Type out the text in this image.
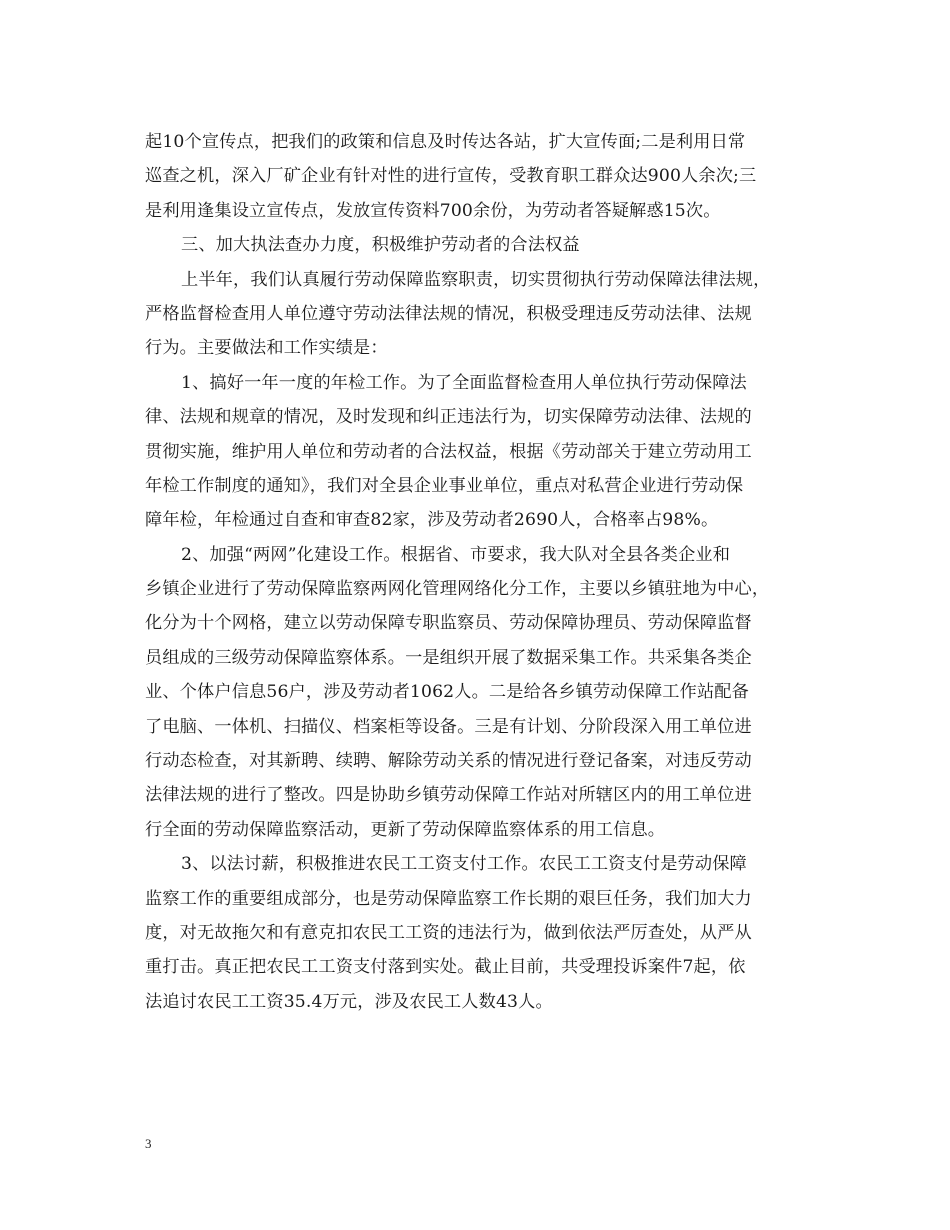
起10个宣传点，把我们的政策和信息及时传达各站，扩大宣传面;二是利用日常
巡查之机，深入厂矿企业有针对性的进行宣传，受教育职工群众达900人余次;三
是利用逢集设立宣传点，发放宣传资料700余份，为劳动者答疑解惑15次。
三、加大执法查办力度，积极维护劳动者的合法权益
上半年，我们认真履行劳动保障监察职责，切实贯彻执行劳动保障法律法规，
严格监督检查用人单位遵守劳动法律法规的情况，积极受理违反劳动法律、法规
行为。主要做法和工作实绩是：
1、搞好一年一度的年检工作。为了全面监督检查用人单位执行劳动保障法
律、法规和规章的情况，及时发现和纠正违法行为，切实保障劳动法律、法规的
贯彻实施，维护用人单位和劳动者的合法权益，根据《劳动部关于建立劳动用工
年检工作制度的通知》，我们对全县企业事业单位，重点对私营企业进行劳动保
障年检，年检通过自查和审查82家，涉及劳动者2690人，合格率占98%。
2、加强“两网”化建设工作。根据省、市要求，我大队对全县各类企业和
乡镇企业进行了劳动保障监察两网化管理网络化分工作，主要以乡镇驻地为中心，
化分为十个网格，建立以劳动保障专职监察员、劳动保障协理员、劳动保障监督
员组成的三级劳动保障监察体系。一是组织开展了数据采集工作。共采集各类企
业、个体户信息56户，涉及劳动者1062人。二是给各乡镇劳动保障工作站配备
了电脑、一体机、扫描仪、档案柜等设备。三是有计划、分阶段深入用工单位进
行动态检查，对其新聘、续聘、解除劳动关系的情况进行登记备案，对违反劳动
法律法规的进行了整改。四是协助乡镇劳动保障工作站对所辖区内的用工单位进
行全面的劳动保障监察活动，更新了劳动保障监察体系的用工信息。
3、以法讨薪，积极推进农民工工资支付工作。农民工工资支付是劳动保障
监察工作的重要组成部分，也是劳动保障监察工作长期的艰巨任务，我们加大力
度，对无故拖欠和有意克扣农民工工资的违法行为，做到依法严厉查处，从严从
重打击。真正把农民工工资支付落到实处。截止目前，共受理投诉案件7起，依
法追讨农民工工资35.4万元，涉及农民工人数43人。
3
